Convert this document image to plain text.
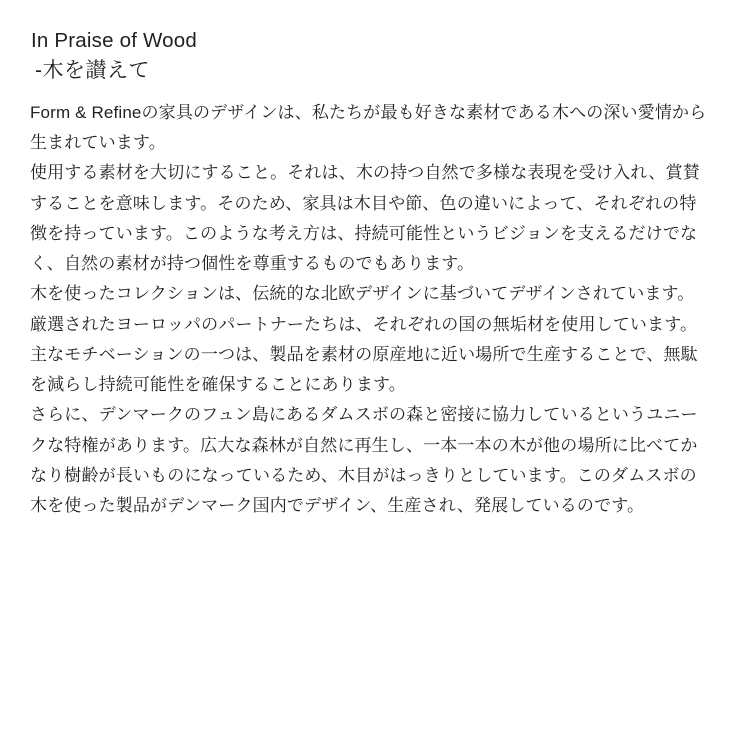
In Praise of Wood
‐木を讃えて

Form & Refineの家具のデザインは、私たちが最も好きな素材である木への深い愛情から生まれています。

使用する素材を大切にすること。それは、木の持つ自然で多様な表現を受け入れ、賞賛することを意味します。そのため、家具は木目や節、色の違いによって、それぞれの特徴を持っています。このような考え方は、持続可能性というビジョンを支えるだけでなく、自然の素材が持つ個性を尊重するものでもあります。

木を使ったコレクションは、伝統的な北欧デザインに基づいてデザインされています。厳選されたヨーロッパのパートナーたちは、それぞれの国の無垢材を使用しています。主なモチベーションの一つは、製品を素材の原産地に近い場所で生産することで、無駄を減らし持続可能性を確保することにあります。

さらに、デンマークのフュン島にあるダムスボの森と密接に協力しているというユニークな特権があります。広大な森林が自然に再生し、一本一本の木が他の場所に比べてかなり樹齢が長いものになっているため、木目がはっきりとしています。このダムスボの木を使った製品がデンマーク国内でデザイン、生産され、発展しているのです。
